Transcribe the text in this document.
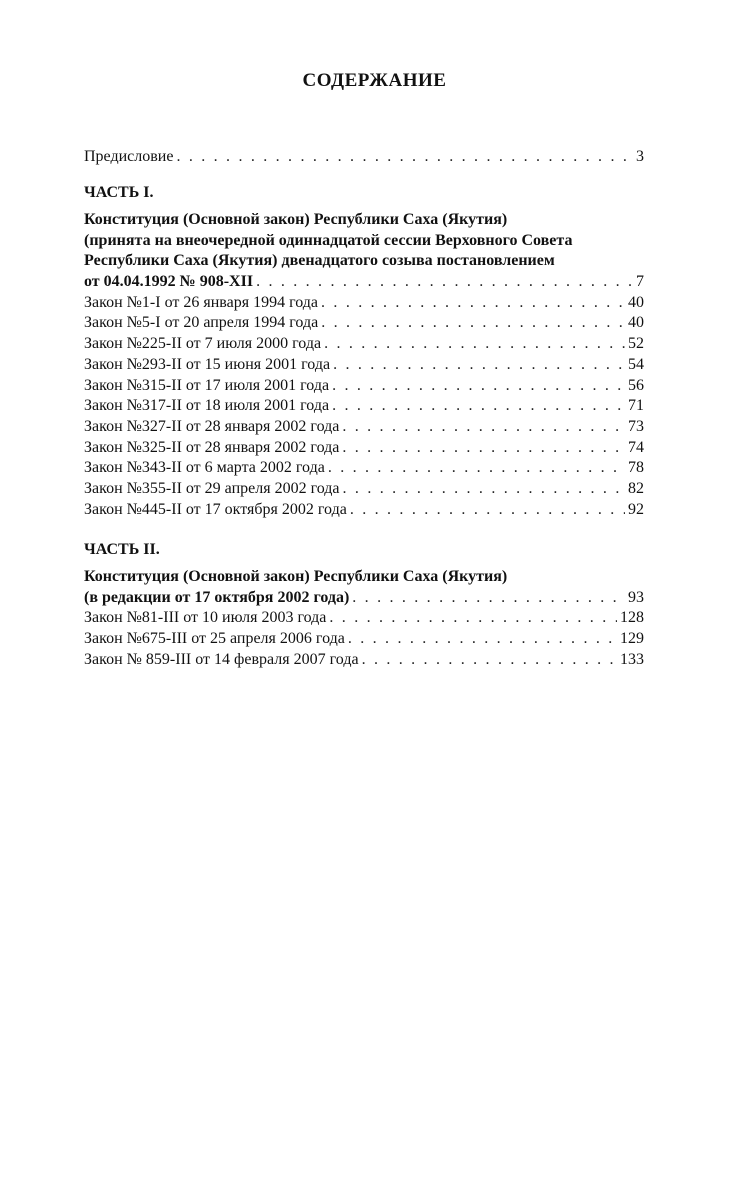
СОДЕРЖАНИЕ
Предисловие . . .	3
ЧАСТЬ I.
Конституция (Основной закон) Республики Саха (Якутия)
(принята на внеочередной одиннадцатой сессии Верховного Совета
Республики Саха (Якутия) двенадцатого созыва постановлением
от 04.04.1992 № 908-XII . . .	7
Закон №1-I от 26 января 1994 года . . .	40
Закон №5-I от 20 апреля 1994 года . . .	40
Закон №225-II от 7 июля 2000 года . . .	52
Закон №293-II от 15 июня 2001 года . . .	54
Закон №315-II от 17 июля 2001 года . . .	56
Закон №317-II от 18 июля 2001 года . . .	71
Закон №327-II от 28 января 2002 года . . .	73
Закон №325-II от 28 января 2002 года . . .	74
Закон №343-II от 6 марта 2002 года . . .	78
Закон №355-II от 29 апреля 2002 года . . .	82
Закон №445-II от 17 октября 2002 года . . .	92
ЧАСТЬ II.
Конституция (Основной закон) Республики Саха (Якутия)
(в редакции от 17 октября 2002 года) . . .	93
Закон №81-III от 10 июля 2003 года . . .	128
Закон №675-III от 25 апреля 2006 года . . .	129
Закон № 859-III от 14 февраля 2007 года . . .	133
